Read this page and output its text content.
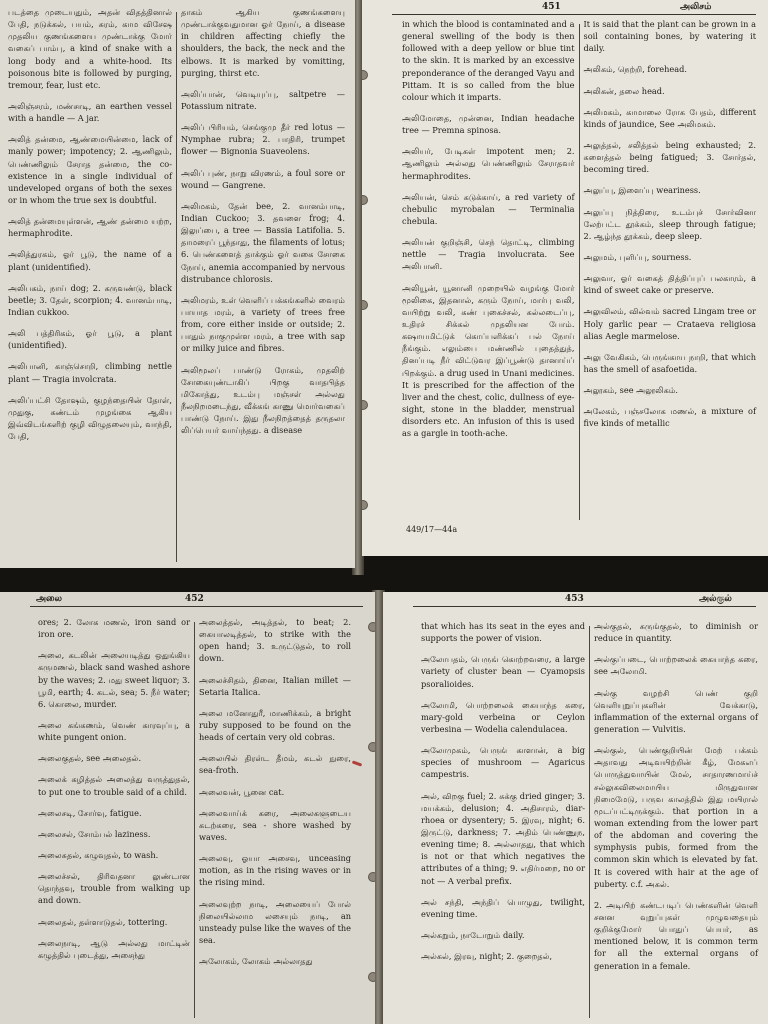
படத்தை முடையதும், அதன் விதத்தினால் பேதி, நடுக்கல், பயம், சுரம், காம விசேஷ முதலிய குணங்களைய முண்டாக்கு மோர் வகைப் பாம்பு, a kind of snake with a long body and a white-hood. Its poisonous bite is followed by purging, tremour, fear, lust etc.

அலிஞ்சரம், மண்சாடி, an earthen vessel with a handle — A jar.

அலித் தன்மை, ஆண்மையின்மை, lack of manly power; impotency; 2. ஆணிலும், பெண்ணிலும் சேராத தன்மை, the co-existence in a single individual of undeveloped organs of both the sexes or in whom the true sex is doubtful.

அலித் தன்மையுள்ளன், ஆண் தன்மை யற்ற, hermaphrodite.

அலித்துரகம், ஓர் பூடு, the name of a plant (unidentified).

அலிபகம், நாய் dog; 2. கருவண்டு, black beetle; 3. தேள், scorpion; 4. வானம்பாடி, Indian cukkoo.

அலி பத்திரிகம், ஓர் பூடு, a plant (unidentified).

அலிபானி, காஞ்சொறி, climbing nettle plant — Tragia involcrata.

அலிப்பட்சி தோஷம், குழந்தையின் தோள், முதுகு, கண்டம் முழங்கை ஆகிய இவ்விடங்களிற் குழி விழுதலையும், வாந்தி, பேதி,

தாகம் ஆகிய குணங்களையு முண்டாக்குவதுமான ஓர் நோய், a disease in children affecting chiefly the shoulders, the back, the neck and the elbows. It is marked by vomitting, purging, thirst etc.

அலிப்பான், வெடியுப்பு, saltpetre — Potassium nitrate.

அலிப் பிரியம், செங்குமு தீர் red lotus — Nymphae rubra; 2. பாதிரி, trumpet flower — Bignonia Suaveolens.

அலிப் புண், நாறு விரணம், a foul sore or wound — Gangrene.

அலிமகம், தேன் bee, 2. வானம்பாடி, Indian Cuckoo; 3. தவளை frog; 4. இலுப்பை, a tree — Bassia Latifolia. 5. தாமரைப் பூந்தாது, the filaments of lotus; 6. பெண்களைத் தாக்கும் ஓர் வகை சோகை நோய், anemia accompanied by nervous distrubance chlorosis.

அலிமரம், உள் வெளிப் பக்கங்களில் வைரம் பாயாத மரம், a variety of trees free from, core either inside or outside; 2. பாதும் நாகுமுள்ள மரம், a tree with sap or milky juice and fibres.

அலிமூலப் பாண்டு ரோகம், முதலிற் சோகையுண்டாகிப் பிறகு வாதபித்த மிகோத்து, உடம்பு மஞ்சள் அல்லது நீலநிறமடைந்து, வீக்கங் காணு மொர்வகைப் பாண்டு நோய். இது நீலநிறத்தைத் தருதலா லிப்பெயர் வாய்ந்தது. a disease

451	அலிசம்

in which the blood is contaminated and a general swelling of the body is then followed with a deep yellow or blue tint to the skin. It is marked by an excessive preponderance of the deranged Vayu and Pittam. It is so called from the blue colour which it imparts.

அலிமோதை, முன்னை, Indian headache tree — Premna spinosa.

அலியர், பேடிகள் impotent men; 2. ஆணிலும் அல்லது பெண்ணிலும் சேராதவர் hermaphrodites.

அலியன், செம் கடுக்காய், a red variety of chebulic myrobalan — Terminalia chebula.

அலியன் குறிஞ்சி, செந் தொட்டி, climbing nettle — Tragia involucrata. See அலிபானி.

அலியூன், யூனானி முறையில் வழங்கு மோர் மூலிகை, இதனால், கரும் நோய், மார்பு வலி, வயிற்று வலி, கண் புகைச்சல், கல்லடைப்பு, உதிரச் சிக்கல் முதலியன போம். கஷாயமிட்டுக் கொப்பளிக்கப் பல் நோய் நீங்கும். எலும்பை மண்ணில் புதைத்துத், தினப்படி நீர் விட்டுவர இப்பூண்டு தானாய்ப் பிறக்கும். a drug used in Unani medicines. It is prescribed for the affection of the liver and the chest, colic, dullness of eye-sight, stone in the bladder, menstrual disorders etc. An infusion of this is used as a gargle in tooth-ache.

It is said that the plant can be grown in a soil containing bones, by watering it daily.

அலிகம், நெற்றி, forehead.

அலிகன், தலை head.

அலிமகம், காமாலை ரோக பேதம், different kinds of jaundice, See அலிமகம்.

அலுத்தல், சலித்தல் being exhausted; 2. களைத்தல் being fatigued; 3. சோர்தல், becoming tired.

அலுப்பு, இளைப்பு weariness.

அலுப்பு நித்திரை, உடம்புச் சோர்வினா லேற்பட்ட தூக்கம், sleep through fatigue; 2. ஆழ்ந்த தூக்கம், deep sleep.

அலுமம், புளிப்பு, sourness.

அலுவா, ஓர் வகைத் தித்திப்புப் பலகாரம், a kind of sweet cake or preserve.

அலுவிலம், வில்வம் sacred Lingam tree or Holy garlic pear — Crataeva religiosa alias Aegle marmelose.

அலு வேகிகம், பெருங்காய நாறி, that which has the smell of asafoetida.

அலூகம், see அலூலிகம்.

அலேகம், பஞ்சலோக மணல், a mixture of five kinds of metallic

449/17—44a
அலை	452

ores; 2. லோக மணல், iron sand or iron ore.

அலை, கடலின் அலையடித்து ஒதுங்கிய கருமணல், black sand washed ashore by the waves; 2. மது sweet liquor; 3. பூமி, earth; 4. கடல், sea; 5. நீர் water; 6. கொலை, murder.

அலை கங்கணம், வெண் காரவுப்பு, a white pungent onion.

அலைகுதல், see அலைதல்.

அலைக் கழித்தல் அலைத்து வருத்துதல், to put one to trouble said of a child.

அலைசடி, சோர்வு, fatigue.

அலைசல், சோம்பல் laziness.

அலைசுதல், கழுவுதல், to wash.

அலைச்சல், திரிவதனா லுண்டான தொந்தவு, trouble from walking up and down.

அலைதல், தள்ளாடுதல், tottering.

அலைநாடி, ஆடு அல்லது மாட்டின் கழுத்தில் புடைத்து, அசைந்து

அலைத்தல், அடித்தல், to beat; 2. கையாலடித்தல், to strike with the open hand; 3. உருட்டுதல், to roll down.

அலைச்சிதம், தினை, Italian millet — Setaria Italica.

அலை மனோதுரீ, மாணிக்கம், a bright ruby supposed to be found on the heads of certain very old cobras.

அலையில் திரள்ட தீமம், கடல் நுரை, sea-froth.

அலைவன், பூனை cat.

அலைவாய்க் கரை, அலைகளுடைய கடற்கரை, sea - shore washed by waves.

அலைவு, ஓயா அசைவு, unceasing motion, as in the rising waves or in the rising mind.

அலைவுற்ற நாடி, அலையைப் போல் நிலையில்லாம லசையும் நாடி, an unsteady pulse like the waves of the sea.

அலோகம், லோகம் அல்லாதது

453	அல்குல்

that which has its seat in the eyes and supports the power of vision.

அலோபதம், பெருங் கொற்றவரை, a large variety of cluster bean — Cyamopsis psoralioides.

அலோமி, பொற்றலைக் கையாந்த கரை, mary-gold verbeina or Ceylon verbesina — Wodelia calendulacea.

அலோமுகம், பெருங் காளான், a big species of mushroom — Agaricus campestris.

அல், விறகு fuel; 2. சுக்கு dried ginger; 3. மயக்கம், delusion; 4. அதிசாரம், diar-rhoea or dysentery; 5. இரவு, night; 6. இருட்டு, darkness; 7. அதிம் பெண்ணுந, evening time; 8. அல்லாதது, that which is not or that which negatives the attributes of a thing; 9. எதிர்மறை, no or not — A verbal prefix.

அல் சந்தி, அந்திப் பொழுது, twilight, evening time.

அல்கறும், நாடோறும் daily.

அல்கல், இரவு, night; 2. குறைதல்,

அல்குதல், சுருங்குதல், to diminish or reduce in quantity.

அல்குப்படை, பொற்றலைக் கையாந்த கரை, see அலோமி.

அல்கு வழற்சி பெண் குறி வெளியுறுப்புகளின் வேக்காடு, inflammation of the external organs of generation — Vulvitis.

அல்குல், பெண்குறியின் மேற் பக்கம் அதாவது அடிவயிற்றின் கீழ், மேகஎப் பொருத்துவாயின் மேல், சாதாரணமாய்ச் சல்லுகவிலைமாயிய மிருதுவான நிமைமேடு, பருவ காலத்தில் இது மயிரால் மூடப்பட்டிருக்கும். that portion in a woman extending from the lower part of the abdoman and covering the symphysis pubis, formed from the common skin which is elevated by fat. It is covered with hair at the age of puberty. c.f. அகல்.

2. அடியிற் கண்டபடிப் பெண்களின் வெளி சனன வுறுப்புகள் முழுவதையும் குறிக்குமோர் பொதுப் பெயர், as mentioned below, it is common term for all the external organs of generation in a female.
